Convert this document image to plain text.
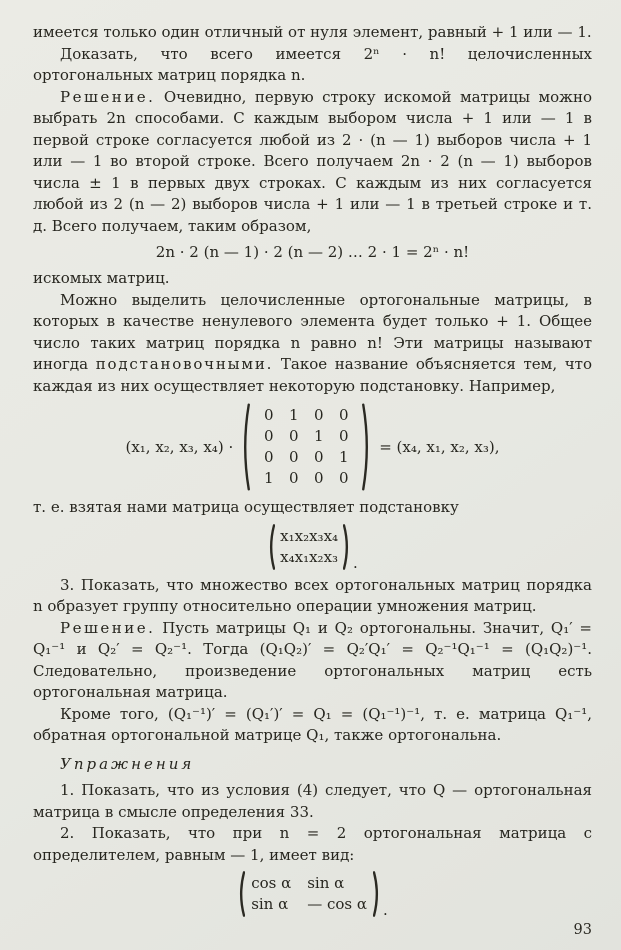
имеется только один отличный от нуля элемент, равный + 1 или — 1.

Доказать, что всего имеется 2ⁿ · n! целочисленных ортогональных матриц порядка n.

Решение. Очевидно, первую строку искомой матрицы можно выбрать 2n способами. С каждым выбором числа + 1 или — 1 в первой строке согласуется любой из 2 · (n — 1) выборов числа + 1 или — 1 во второй строке. Всего получаем 2n · 2 (n — 1) выборов числа ± 1 в первых двух строках. С каждым из них согласуется любой из 2 (n — 2) выборов числа + 1 или — 1 в третьей строке и т. д. Всего получаем, таким образом,

2n · 2 (n — 1) · 2 (n — 2) … 2 · 1 = 2ⁿ · n!

искомых матриц.

Можно выделить целочисленные ортогональные матрицы, в которых в качестве ненулевого элемента будет только + 1. Общее число таких матриц порядка n равно n! Эти матрицы называют иногда подстановочными. Такое название объясняется тем, что каждая из них осуществляет некоторую подстановку. Например,

(x₁, x₂, x₃, x₄) ·
0 1 0 0
0 0 1 0
0 0 0 1
1 0 0 0
= (x₄, x₁, x₂, x₃),

т. е. взятая нами матрица осуществляет подстановку

x₁x₂x₃x₄
x₄x₁x₂x₃ .

3. Показать, что множество всех ортогональных матриц порядка n образует группу относительно операции умножения матриц.

Решение. Пусть матрицы Q₁ и Q₂ ортогональны. Значит, Q₁′ = Q₁⁻¹ и Q₂′ = Q₂⁻¹. Тогда (Q₁Q₂)′ = Q₂′Q₁′ = Q₂⁻¹Q₁⁻¹ = (Q₁Q₂)⁻¹. Следовательно, произведение ортогональных матриц есть ортогональная матрица.

Кроме того, (Q₁⁻¹)′ = (Q₁′)′ = Q₁ = (Q₁⁻¹)⁻¹, т. е. матрица Q₁⁻¹, обратная ортогональной матрице Q₁, также ортогональна.

Упражнения

1. Показать, что из условия (4) следует, что Q — ортогональная матрица в смысле определения 33.

2. Показать, что при n = 2 ортогональная матрица с определителем, равным — 1, имеет вид:

cos α sin α
sin α — cos α .
93
